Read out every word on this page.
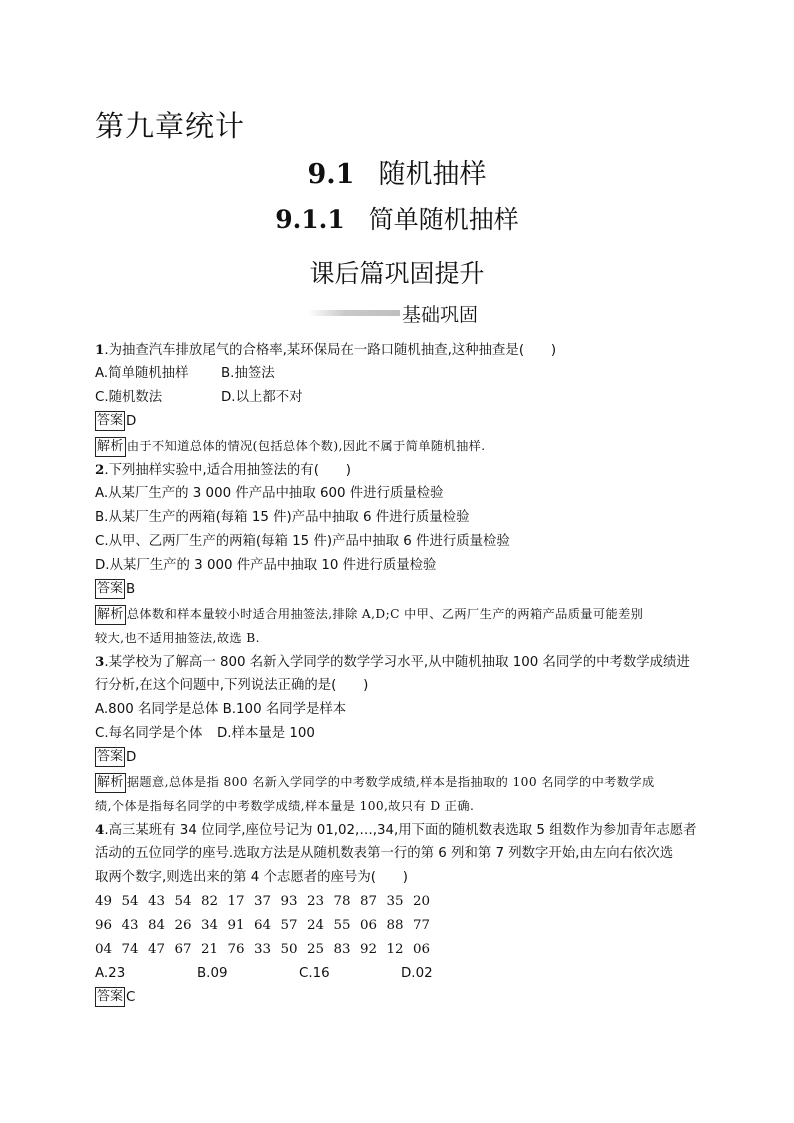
第九章统计
9.1 随机抽样
9.1.1 简单随机抽样
课后篇巩固提升
基础巩固
1.为抽查汽车排放尾气的合格率,某环保局在一路口随机抽查,这种抽查是(　　)
A.简单随机抽样 B.抽签法
C.随机数法	D.以上都不对
答案 D
解析 由于不知道总体的情况(包括总体个数),因此不属于简单随机抽样.
2.下列抽样实验中,适合用抽签法的有(　　)
A.从某厂生产的 3 000 件产品中抽取 600 件进行质量检验
B.从某厂生产的两箱(每箱 15 件)产品中抽取 6 件进行质量检验
C.从甲、乙两厂生产的两箱(每箱 15 件)产品中抽取 6 件进行质量检验
D.从某厂生产的 3 000 件产品中抽取 10 件进行质量检验
答案 B
解析 总体数和样本量较小时适合用抽签法,排除 A,D;C 中甲、乙两厂生产的两箱产品质量可能差别
较大,也不适用抽签法,故选 B.
3.某学校为了解高一 800 名新入学同学的数学学习水平,从中随机抽取 100 名同学的中考数学成绩进
行分析,在这个问题中,下列说法正确的是(　　)
A.800 名同学是总体 B.100 名同学是样本
C.每名同学是个体 D.样本量是 100
答案 D
解析 据题意,总体是指 800 名新入学同学的中考数学成绩,样本是指抽取的 100 名同学的中考数学成
绩,个体是指每名同学的中考数学成绩,样本量是 100,故只有 D 正确.
4.高三某班有 34 位同学,座位号记为 01,02,…,34,用下面的随机数表选取 5 组数作为参加青年志愿者
活动的五位同学的座号.选取方法是从随机数表第一行的第 6 列和第 7 列数字开始,由左向右依次选
取两个数字,则选出来的第 4 个志愿者的座号为(　　)
49 54 43 54 82 17 37 93 23 78 87 35 20
96 43 84 26 34 91 64 57 24 55 06 88 77
04 74 47 67 21 76 33 50 25 83 92 12 06
A.23	B.09	C.16	D.02
答案 C
